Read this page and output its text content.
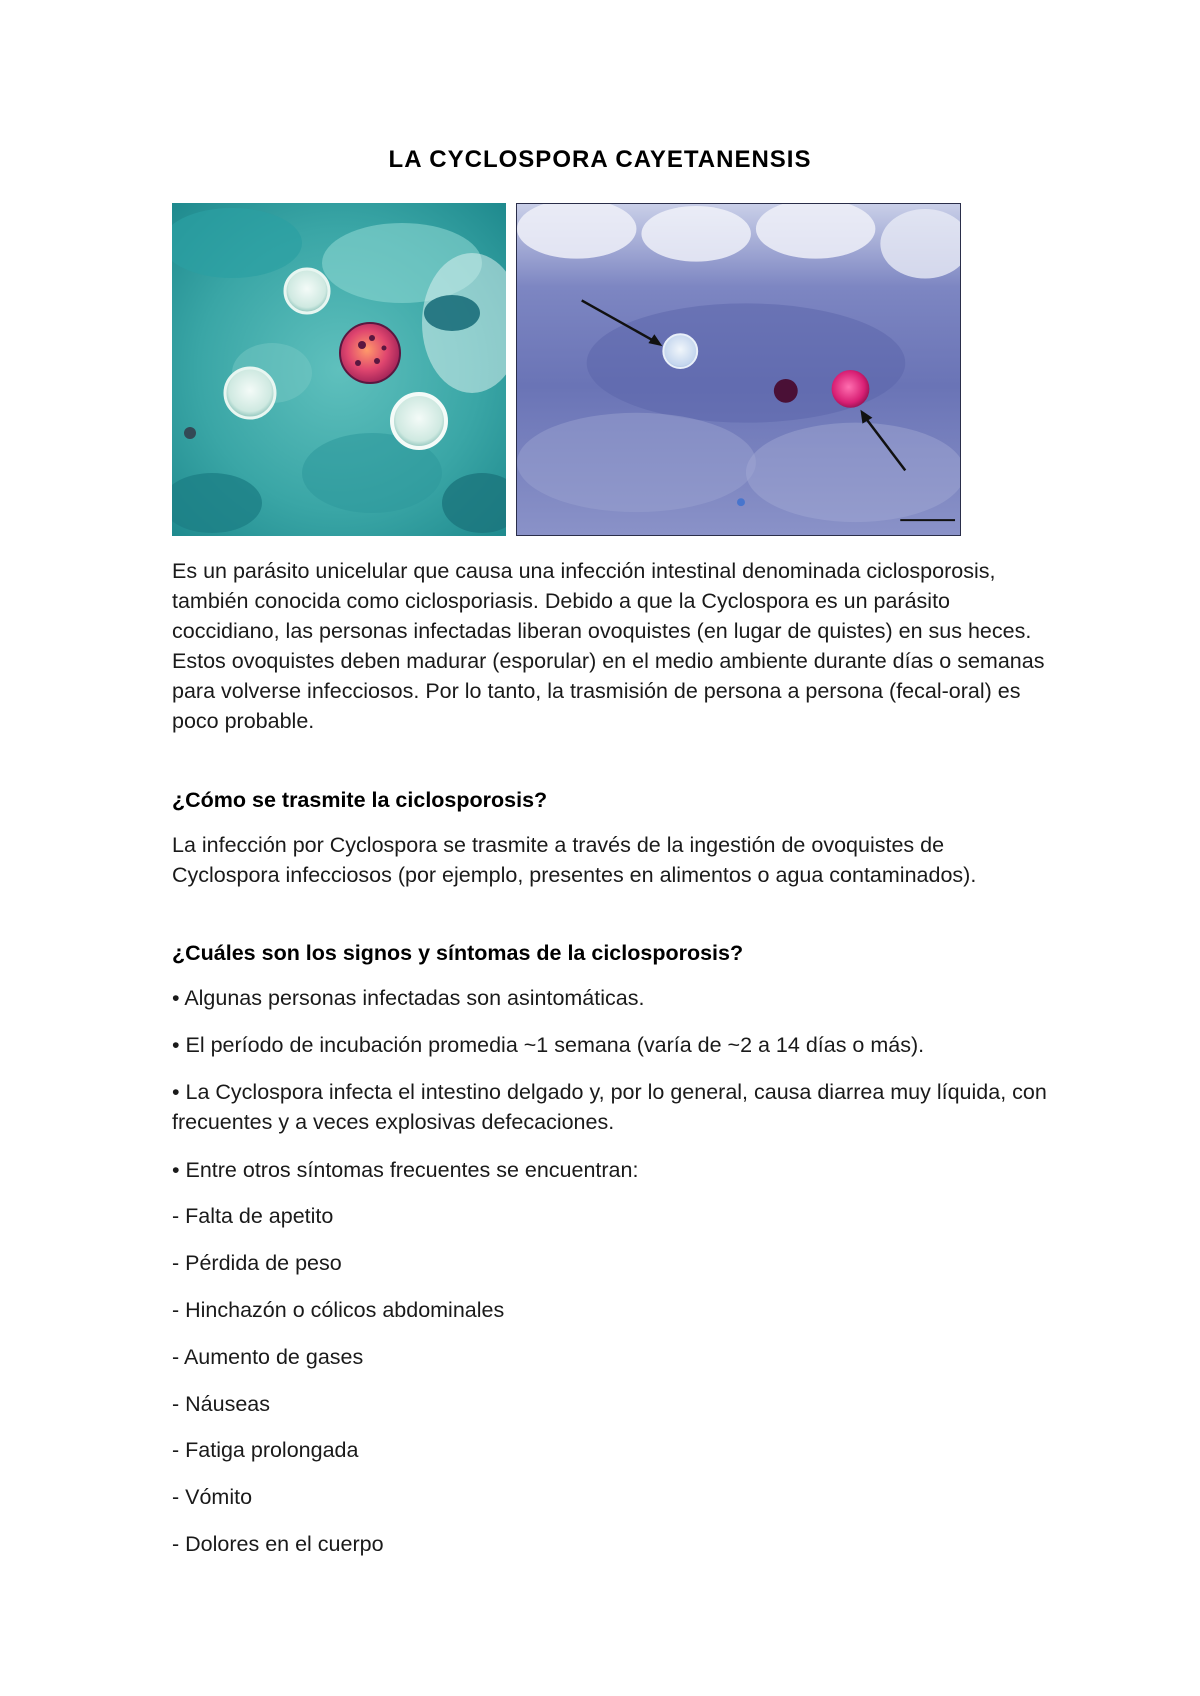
LA CYCLOSPORA CAYETANENSIS
Es un parásito unicelular que causa una infección intestinal denominada ciclosporosis, también conocida como ciclosporiasis. Debido a que la Cyclospora es un parásito coccidiano, las personas infectadas liberan ovoquistes (en lugar de quistes) en sus heces. Estos ovoquistes deben madurar (esporular) en el medio ambiente durante días o semanas para volverse infecciosos. Por lo tanto, la trasmisión de persona a persona (fecal-oral) es poco probable.
¿Cómo se trasmite la ciclosporosis?
La infección por Cyclospora se trasmite a través de la ingestión de ovoquistes de Cyclospora infecciosos (por ejemplo, presentes en alimentos o agua contaminados).
¿Cuáles son los signos y síntomas de la ciclosporosis?
• Algunas personas infectadas son asintomáticas.
• El período de incubación promedia ~1 semana (varía de ~2 a 14 días o más).
• La Cyclospora infecta el intestino delgado y, por lo general, causa diarrea muy líquida, con frecuentes y a veces explosivas defecaciones.
• Entre otros síntomas frecuentes se encuentran:
- Falta de apetito
- Pérdida de peso
- Hinchazón o cólicos abdominales
- Aumento de gases
- Náuseas
- Fatiga prolongada
- Vómito
- Dolores en el cuerpo
